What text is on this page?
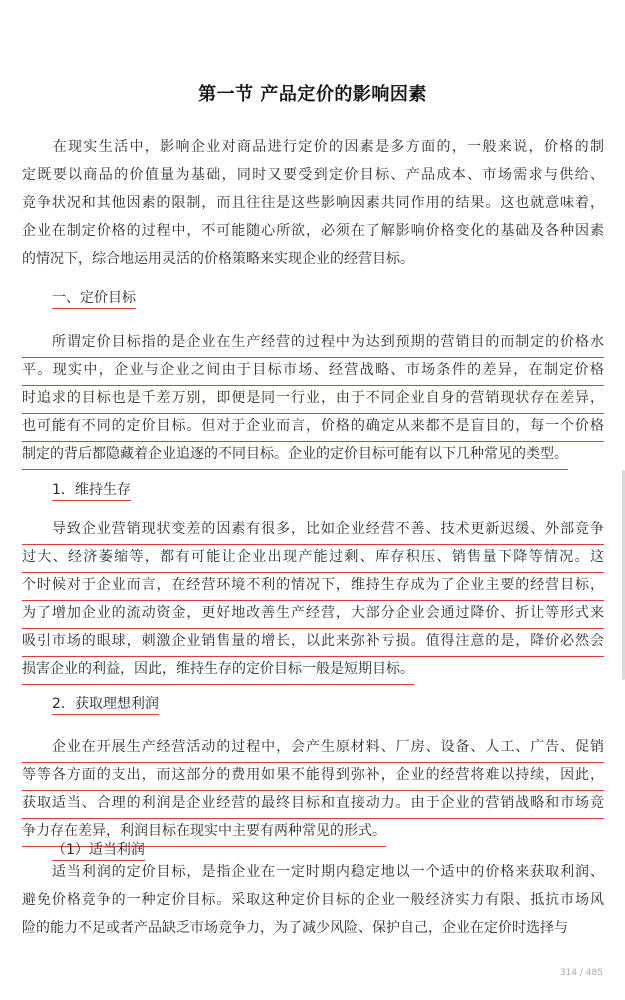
第一节 产品定价的影响因素
　　在现实生活中，影响企业对商品进行定价的因素是多方面的，一般来说，价格的制
定既要以商品的价值量为基础，同时又要受到定价目标、产品成本、市场需求与供给、
竞争状况和其他因素的限制，而且往往是这些影响因素共同作用的结果。这也就意味着，
企业在制定价格的过程中，不可能随心所欲，必须在了解影响价格变化的基础及各种因素
的情况下，综合地运用灵活的价格策略来实现企业的经营目标。
一、定价目标
　　所谓定价目标指的是企业在生产经营的过程中为达到预期的营销目的而制定的价格水
平。现实中，企业与企业之间由于目标市场、经营战略、市场条件的差异，在制定价格
时追求的目标也是千差万别，即便是同一行业，由于不同企业自身的营销现状存在差异，
也可能有不同的定价目标。但对于企业而言，价格的确定从来都不是盲目的，每一个价格
制定的背后都隐藏着企业追逐的不同目标。企业的定价目标可能有以下几种常见的类型。
1．维持生存
　　导致企业营销现状变差的因素有很多，比如企业经营不善、技术更新迟缓、外部竞争
过大、经济萎缩等，都有可能让企业出现产能过剩、库存积压、销售量下降等情况。这
个时候对于企业而言，在经营环境不利的情况下，维持生存成为了企业主要的经营目标，
为了增加企业的流动资金，更好地改善生产经营，大部分企业会通过降价、折让等形式来
吸引市场的眼球，刺激企业销售量的增长，以此来弥补亏损。值得注意的是，降价必然会
损害企业的利益，因此，维持生存的定价目标一般是短期目标。
2．获取理想利润
　　企业在开展生产经营活动的过程中，会产生原材料、厂房、设备、人工、广告、促销
等等各方面的支出，而这部分的费用如果不能得到弥补，企业的经营将难以持续，因此，
获取适当、合理的利润是企业经营的最终目标和直接动力。由于企业的营销战略和市场竞
争力存在差异，利润目标在现实中主要有两种常见的形式。
（1）适当利润
　　适当利润的定价目标，是指企业在一定时期内稳定地以一个适中的价格来获取利润、
避免价格竞争的一种定价目标。采取这种定价目标的企业一般经济实力有限、抵抗市场风
险的能力不足或者产品缺乏市场竞争力，为了减少风险、保护自己，企业在定价时选择与
314 / 485
